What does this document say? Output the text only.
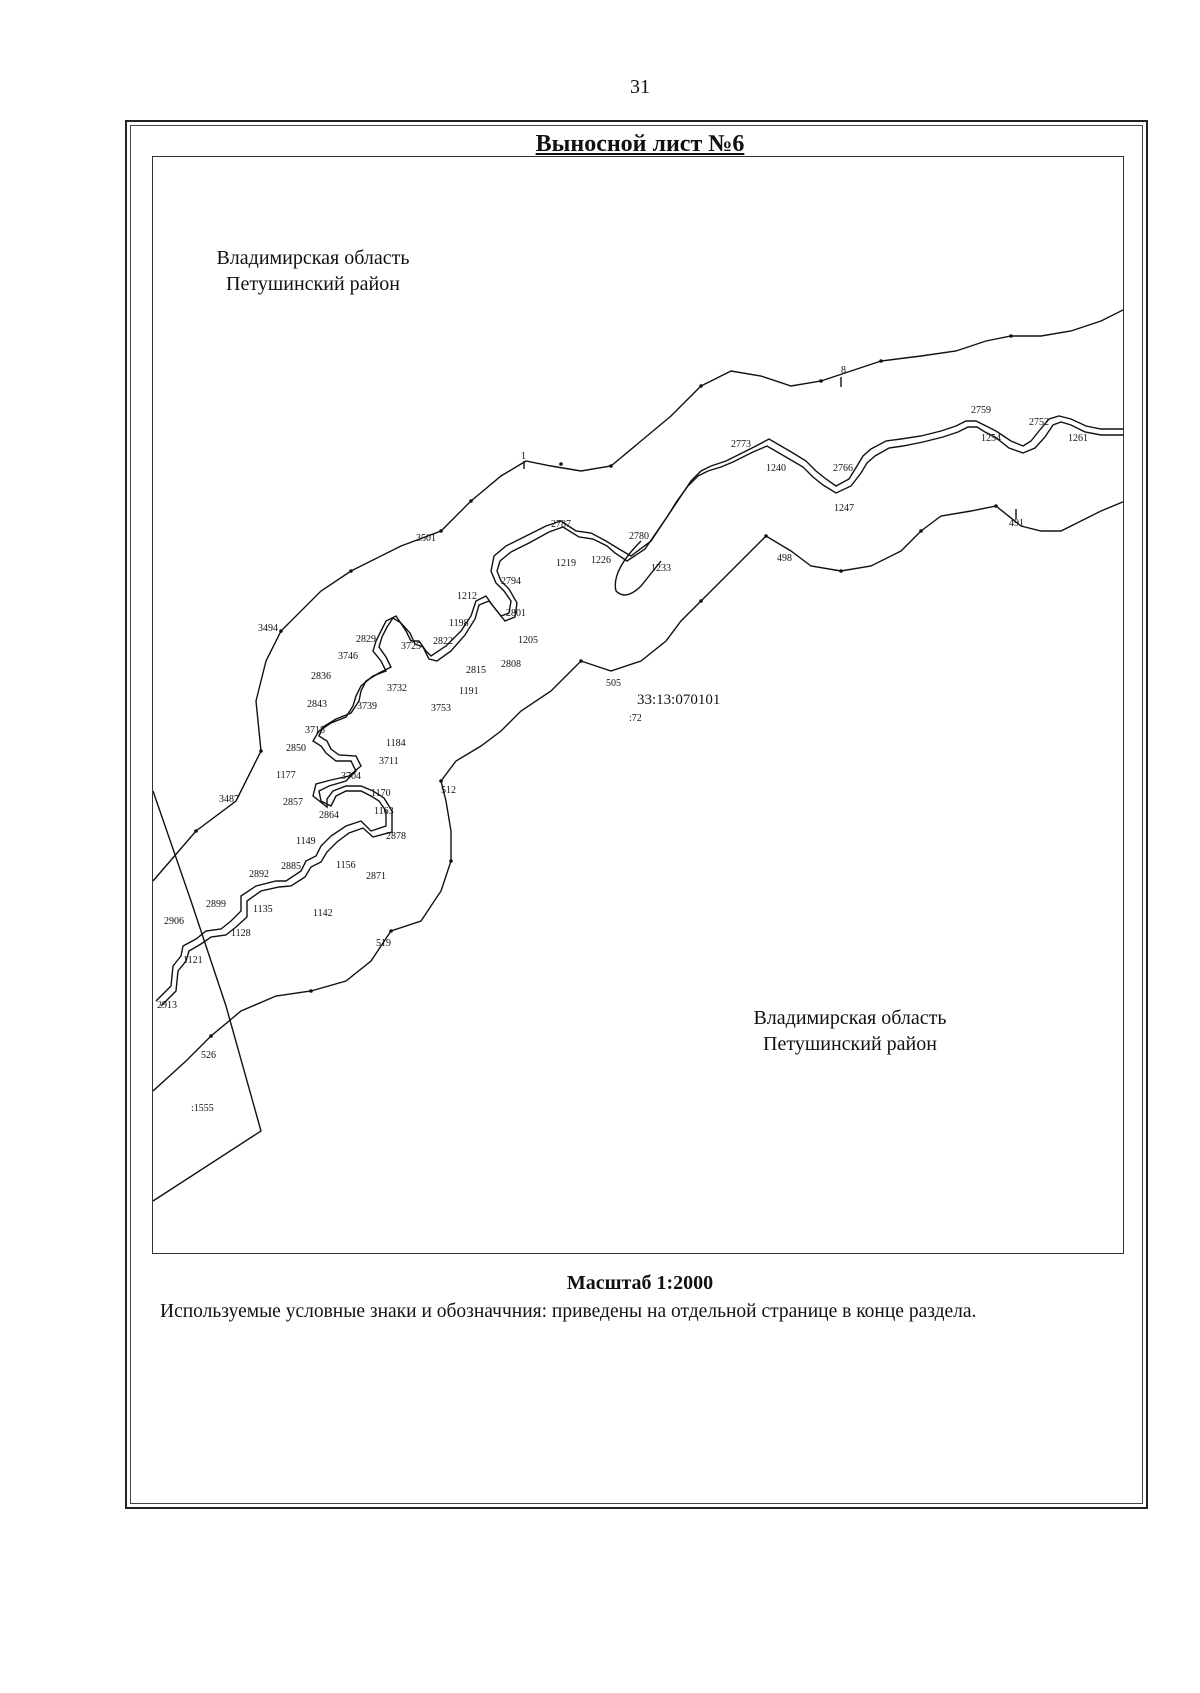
31
Выносной лист №6
8
2759
2752
1254	1261
2773
1240	2766
1247
491
1
2787
2780
1219 1226
1233
498
3501
2794
1212
2801
1198
1205
2808
3494
2829
3725 2822
3746
2815
1191
2836
3732	505
2843	3739	3753
3718
2850	1184
3711
1177	3704
1170	512
3487	2857
2864	1163
2878
1149
1156
2885
2871
2892
2899	1135	1142
1128
2906
1121
519
2913
526
33:13:070101
:72
:1555
Владимирская область
Петушинский район
Владимирская область
Петушинский район
Масштаб 1:2000
Используемые условные знаки и обозначчния: приведены на отдельной странице в конце раздела.
